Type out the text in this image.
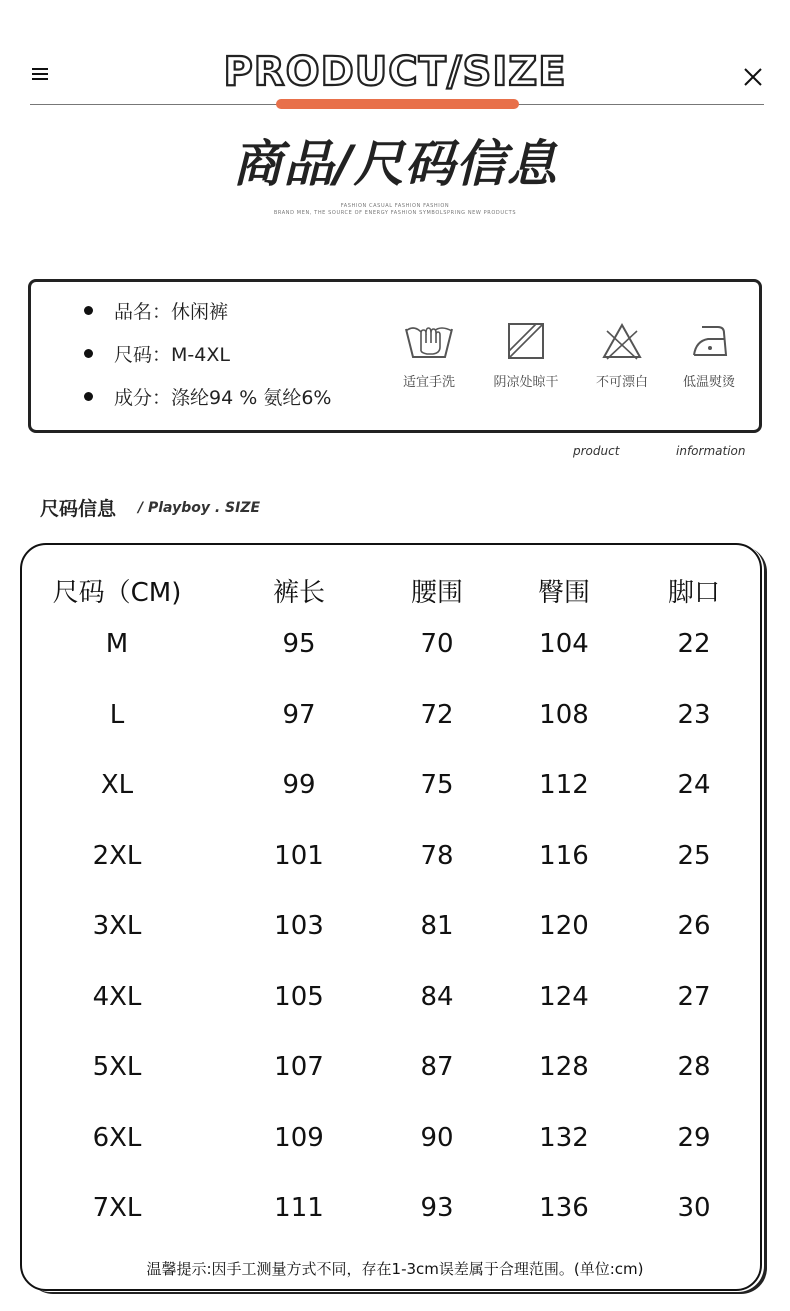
PRODUCT/SIZE
商品/尺码信息
FASHION CASUAL FASHION FASHION
BRAND MEN, THE SOURCE OF ENERGY FASHION SYMBOLSPRING NEW PRODUCTS
品名：休闲裤
尺码：M-4XL
成分：涤纶94 % 氨纶6%
适宜手洗	阴凉处晾干	不可漂白	低温熨烫
product	information
尺码信息 / Playboy . SIZE
尺码（CM)	裤长	腰围	臀围	脚口
M	95	70	104	22
L	97	72	108	23
XL	99	75	112	24
2XL	101	78	116	25
3XL	103	81	120	26
4XL	105	84	124	27
5XL	107	87	128	28
6XL	109	90	132	29
7XL	111	93	136	30
温馨提示:因手工测量方式不同，存在1-3cm误差属于合理范围。(单位:cm)
